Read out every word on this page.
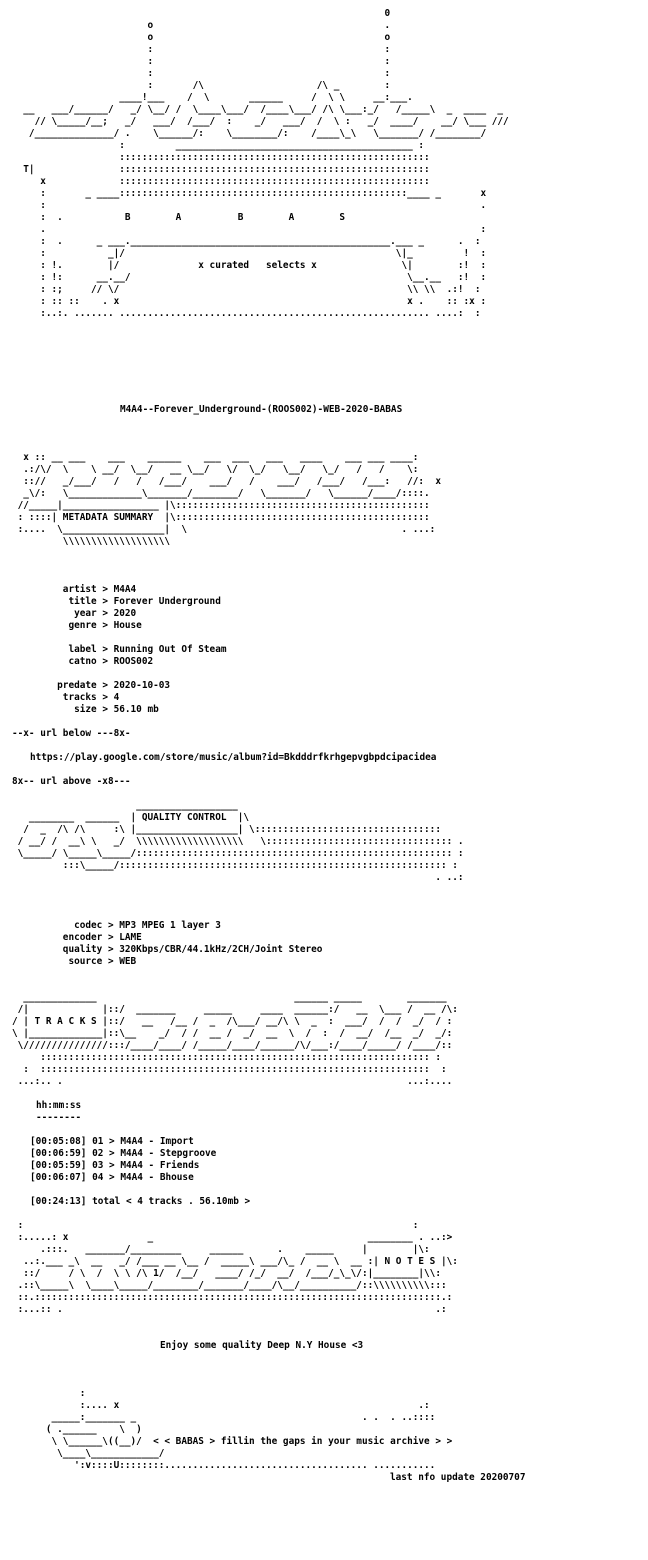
0
o                                         .
o                                         o
:                                         :
:                                         :
:                                         :
:       /\                    /\ _        :
____!___    /  \       ______     /  \ \     __:___.
__   ___/______/   _/ \__/ /  \____\___/  /____\___/ /\ \___:_/   /_____\  _  ____  _
// \_____/__;   _/   ___/  /___/  :    _/   ___/  /  \ :   _/  ____/    __/ \___ ///
/______________/ .    \______/:    \________/:    /____\_\   \_______/ /________/
:         __________________________________________ :
:::::::::::::::::::::::::::::::::::::::::::::::::::::::
T|               :::::::::::::::::::::::::::::::::::::::::::::::::::::::
x             :::::::::::::::::::::::::::::::::::::::::::::::::::::::
:       _ ____:::::::::::::::::::::::::::::::::::::::::::::::::::____ _       x
:                                                                             .
:  .           B        A          B        A        S
.                                                                             :
:  .      _ ___.______________________________________________.___ _      .  :
:           _|/                                                \|_         !  :
: !.        |/              x curated   selects x               \|        :!  :
: !:      __.__/                                                 \__.__   :!  :
: :;     // \/                                                   \\ \\  .:!  :
: :: ::    . x                                                   x .    :: :x :
:..:. ....... ....................................................... ....:  :
M4A4--Forever_Underground-(ROOS002)-WEB-2020-BABAS
x :: __ ___    ___    ______    ___  ___   ___   ____    ___ ___ ____:
.:/\/  \    \ __/  \__/   __ \__/   \/  \_/   \__/   \_/   /   /    \:
:://   _/___/   /   /   /___/    ___/   /    ___/   /___/   /___:   //:  x
_\/:   \_____________\_______/________/   \_______/   \______/____/::::.
//_____|_________________ |\:::::::::::::::::::::::::::::::::::::::::::::
: ::::| METADATA SUMMARY  |\:::::::::::::::::::::::::::::::::::::::::::::
:....  \__________________|  \                                      . ...:
\\\\\\\\\\\\\\\\\\\
artist > M4A4
title > Forever Underground
year > 2020
genre > House
label > Running Out Of Steam
catno > ROOS002
predate > 2020-10-03
tracks > 4
size > 56.10 mb
--x- url below ---8x-
https://play.google.com/store/music/album?id=Bkdddrfkrhgepvgbpdcipacidea
8x-- url above -x8---
__________________
________  ______  | QUALITY CONTROL  |\
/  _  /\ /\     :\ |__________________| \:::::::::::::::::::::::::::::::::
/ __/ /  __\ \   _/  \\\\\\\\\\\\\\\\\\\   \::::::::::::::::::::::::::::::::: .
\_____/ \_____\_____/:::::::::::::::::::::::::::::::::::::::::::::::::::::::: :
:::\_____/:::::::::::::::::::::::::::::::::::::::::::::::::::::::::: :
. ..:
codec > MP3 MPEG 1 layer 3
encoder > LAME
quality > 320Kbps/CBR/44.1kHz/2CH/Joint Stereo
source > WEB
_____________                                   ______ _____        _______
/|             |::/  _______     _____     ____  ______:/   __  \___ /  __ /\:
/ | T R A C K S |::/   __   /__ /  _  /\___/ __/\ \  _  :  ___/  /  /  _/  / :
\ |_____________|::\__    _/  / /  __ /  _/  __  \  /  :  /  __/  /__  _/  _/:
\///////////////:::/____/____/ /_____/____/______/\/___:/____/_____/ /____/::
::::::::::::::::::::::::::::::::::::::::::::::::::::::::::::::::::::: :
:  :::::::::::::::::::::::::::::::::::::::::::::::::::::::::::::::::::::  :
...:.. .                                                             ...:....
hh:mm:ss
--------
[00:05:08] 01 > M4A4 - Import
[00:06:59] 02 > M4A4 - Stepgroove
[00:05:59] 03 > M4A4 - Friends
[00:06:07] 04 > M4A4 - Bhouse
[00:24:13] total < 4 tracks . 56.10mb >
:                                                                     :
:.....: x              _                                      ________ . ..:>
.:::.   _______/_________     ______      .    _____     |        |\:
..:.___ _\  __   _/ /___ __ \__ /  _____\ ___/\_ /  __ \  __ :| N O T E S |\:
::/     / \  /  \ \ /\ 1/  /__/   ____/ /_/  __/  /___/_\_\/:|________|\\:
.::\_____\  \____\_____/________/_______/____/\__/__________/::\\\\\\\\\\:::
::.::::::::::::::::::::::::::::::::::::::::::::::::::::::::::::::::::::::::.:
:...:: .                                                                  .:
Enjoy some quality Deep N.Y House <3
:
:.... x                                                     .:
_____:_______ _                                        . .  . ..::::
( .______    \  )
\ \______\((__)/  < < BABAS > fillin the gaps in your music archive > >
\____\____________/
':v::::U::::::::.................................... ...........
last nfo update 20200707
